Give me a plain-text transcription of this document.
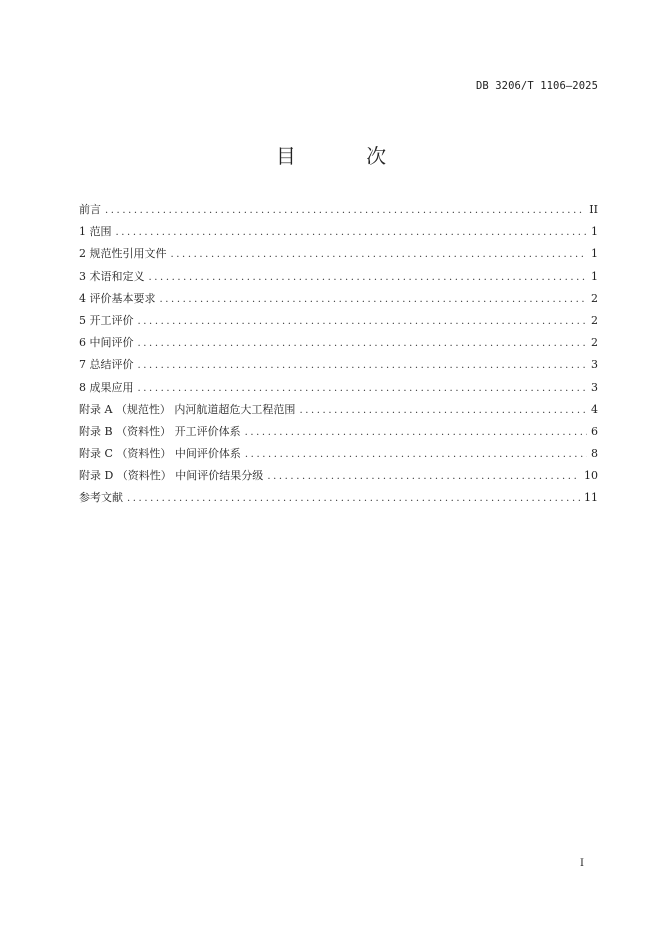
DB 3206/T 1106—2025
目 次
前言 .....	II
1 范围 .....	1
2 规范性引用文件 .....	1
3 术语和定义 .....	1
4 评价基本要求 .....	2
5 开工评价 .....	2
6 中间评价 .....	2
7 总结评价 .....	3
8 成果应用 .....	3
附录 A （规范性） 内河航道超危大工程范围 .....	4
附录 B （资料性） 开工评价体系 .....	6
附录 C （资料性） 中间评价体系 .....	8
附录 D （资料性） 中间评价结果分级 .....	10
参考文献 .....	11
I
